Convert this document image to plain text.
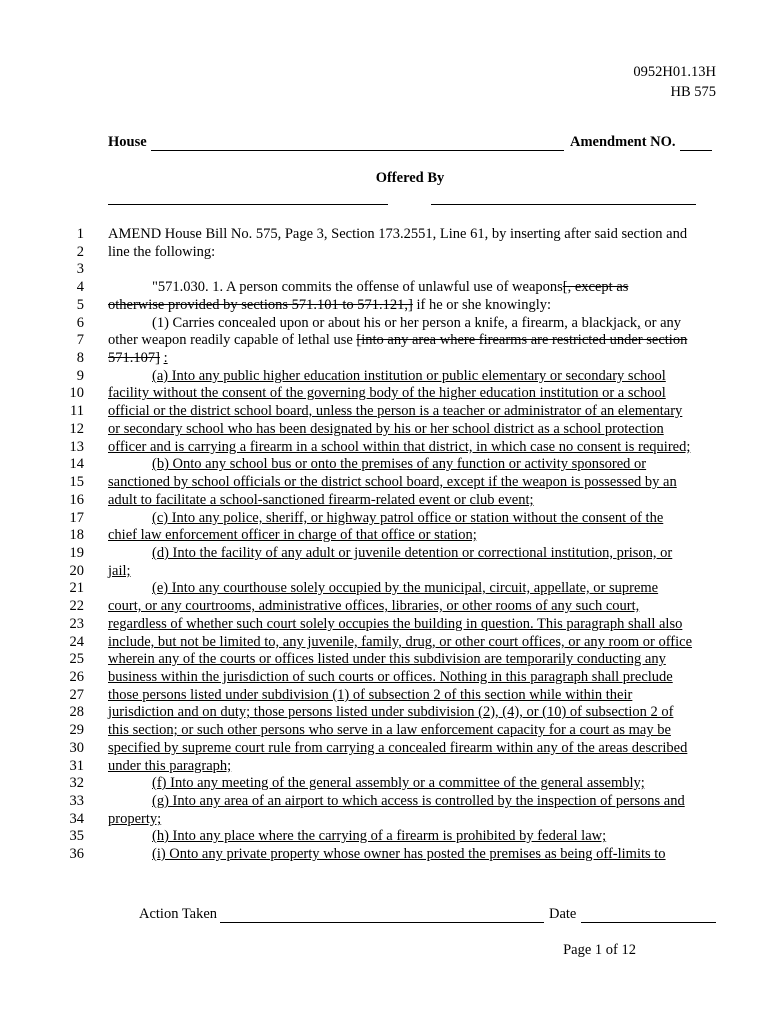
0952H01.13H
HB 575
House	Amendment NO.
Offered By
1 AMEND House Bill No. 575, Page 3, Section 173.2551, Line 61, by inserting after said section and
2 line the following:
3
4	"571.030. 1. A person commits the offense of unlawful use of weapons[, except as
5 otherwise provided by sections 571.101 to 571.121,] if he or she knowingly:
6	(1) Carries concealed upon or about his or her person a knife, a firearm, a blackjack, or any
7 other weapon readily capable of lethal use [into any area where firearms are restricted under section
8 571.107] :
9	(a) Into any public higher education institution or public elementary or secondary school
10 facility without the consent of the governing body of the higher education institution or a school
11 official or the district school board, unless the person is a teacher or administrator of an elementary
12 or secondary school who has been designated by his or her school district as a school protection
13 officer and is carrying a firearm in a school within that district, in which case no consent is required;
14	(b) Onto any school bus or onto the premises of any function or activity sponsored or
15 sanctioned by school officials or the district school board, except if the weapon is possessed by an
16 adult to facilitate a school-sanctioned firearm-related event or club event;
17	(c) Into any police, sheriff, or highway patrol office or station without the consent of the
18 chief law enforcement officer in charge of that office or station;
19	(d) Into the facility of any adult or juvenile detention or correctional institution, prison, or
20 jail;
21	(e) Into any courthouse solely occupied by the municipal, circuit, appellate, or supreme
22 court, or any courtrooms, administrative offices, libraries, or other rooms of any such court,
23 regardless of whether such court solely occupies the building in question. This paragraph shall also
24 include, but not be limited to, any juvenile, family, drug, or other court offices, or any room or office
25 wherein any of the courts or offices listed under this subdivision are temporarily conducting any
26 business within the jurisdiction of such courts or offices. Nothing in this paragraph shall preclude
27 those persons listed under subdivision (1) of subsection 2 of this section while within their
28 jurisdiction and on duty; those persons listed under subdivision (2), (4), or (10) of subsection 2 of
29 this section; or such other persons who serve in a law enforcement capacity for a court as may be
30 specified by supreme court rule from carrying a concealed firearm within any of the areas described
31 under this paragraph;
32	(f) Into any meeting of the general assembly or a committee of the general assembly;
33	(g) Into any area of an airport to which access is controlled by the inspection of persons and
34 property;
35	(h) Into any place where the carrying of a firearm is prohibited by federal law;
36	(i) Onto any private property whose owner has posted the premises as being off-limits to
Action Taken	Date
Page 1 of 12
